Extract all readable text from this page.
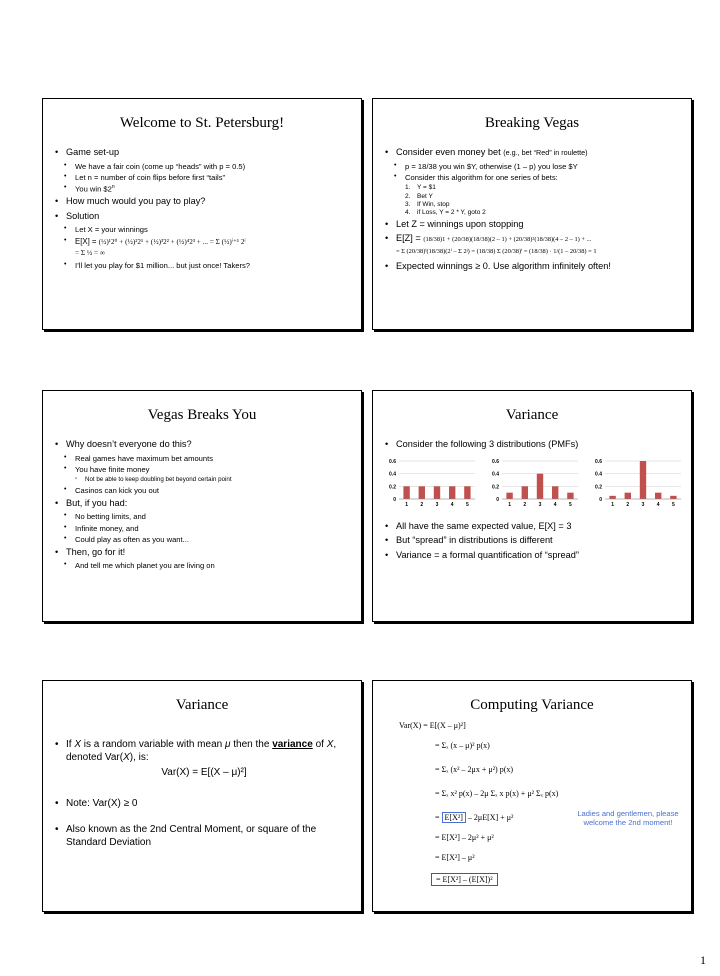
Welcome to St. Petersburg!
• Game set-up
• We have a fair coin (come up “heads” with p = 0.5)
• Let n = number of coin flips before first “tails”
• You win $2$^n$
• How much would you pay to play?
• Solution
• Let X = your winnings
• E[X] = (½)¹2⁰ + (½)²2¹ + (½)³2² + (½)⁴2³ + ... = Σ (½)ⁱ⁺¹ 2ⁱ
= Σ ½ = ∞
• I’ll let you play for $1 million... but just once! Takers?
Breaking Vegas
• Consider even money bet (e.g., bet “Red” in roulette)
• p = 18/38 you win $Y, otherwise (1 – p) you lose $Y
• Consider this algorithm for one series of bets:
1. Y = $1
2. Bet Y
3. If Win, stop
4. if Loss, Y = 2 * Y, goto 2
• Let Z = winnings upon stopping
• E[Z] = (18/38)1 + (20/38)(18/38)(2 – 1) + (20/38)²(18/38)(4 – 2 – 1) + ...
= Σ (20/38)ⁱ(18/38)(2ⁱ – Σ 2ʲ) = (18/38) Σ (20/38)ⁱ = (18/38) · 1/(1 – 20/38) = 1
• Expected winnings ≥ 0. Use algorithm infinitely often!
Vegas Breaks You
• Why doesn’t everyone do this?
• Real games have maximum bet amounts
• You have finite money
▫ Not be able to keep doubling bet beyond certain point
• Casinos can kick you out
• But, if you had:
• No betting limits, and
• Infinite money, and
• Could play as often as you want...
• Then, go for it!
• And tell me which planet you are living on
Variance
• Consider the following 3 distributions (PMFs)
0
0.2
0.4
0.6
1 2 3 4 5
0
0.2
0.4
0.6
1 2 3 4 5
0
0.2
0.4
0.6
1 2 3 4 5
• All have the same expected value, E[X] = 3
• But “spread” in distributions is different
• Variance = a formal quantification of “spread”
Variance
• If X is a random variable with mean μ then the variance of X, denoted Var(X), is:
Var(X) = E[(X – μ)²]
• Note: Var(X) ≥ 0
• Also known as the 2nd Central Moment, or square of the Standard Deviation
Computing Variance
Var(X) = E[(X – μ)²]
= Σₓ (x – μ)² p(x)
= Σₓ (x² – 2μx + μ²) p(x)
= Σₓ x² p(x) – 2μ Σₓ x p(x) + μ² Σₓ p(x)
= E[X²] – 2μE[X] + μ²	Ladies and gentlemen, please welcome the 2nd moment!
= E[X²] – 2μ² + μ²
= E[X²] – μ²
= E[X²] – (E[X])²
1
